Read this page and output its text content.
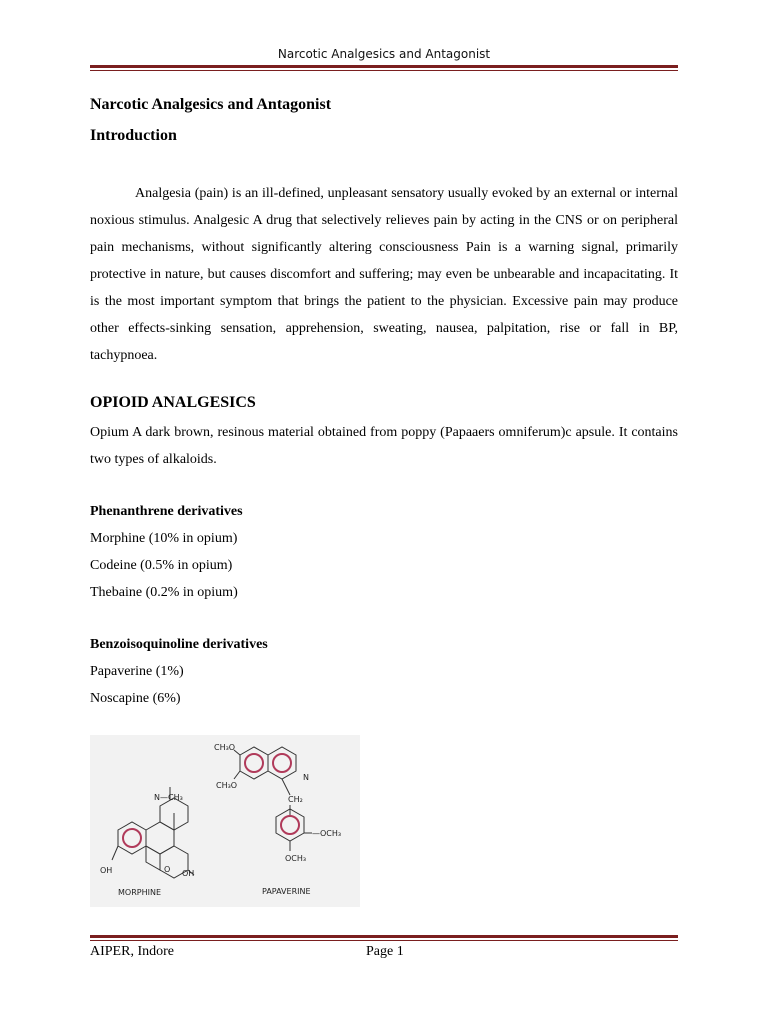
Narcotic Analgesics and Antagonist
Narcotic Analgesics and Antagonist
Introduction

Analgesia (pain) is an ill-defined, unpleasant sensatory usually evoked by an external or internal noxious stimulus. Analgesic A drug that selectively relieves pain by acting in the CNS or on peripheral pain mechanisms, without significantly altering consciousness Pain is a warning signal, primarily protective in nature, but causes discomfort and suffering; may even be unbearable and incapacitating. It is the most important symptom that brings the patient to the physician. Excessive pain may produce other effects-sinking sensation, apprehension, sweating, nausea, palpitation, rise or fall in BP, tachypnoea.

OPIOID ANALGESICS

Opium A dark brown, resinous material obtained from poppy (Papaaers omniferum)c apsule. It contains two types of alkaloids.

Phenanthrene derivatives
Morphine (10% in opium)
Codeine (0.5% in opium)
Thebaine (0.2% in opium)
Benzoisoquinoline derivatives
Papaverine (1%)
Noscapine (6%)
N—CH₃
OH	O OH
MORPHINE
CH₃O
CH₃O
N
CH₂
—OCH₃
OCH₃
PAPAVERINE
AIPER, Indore	Page 1
